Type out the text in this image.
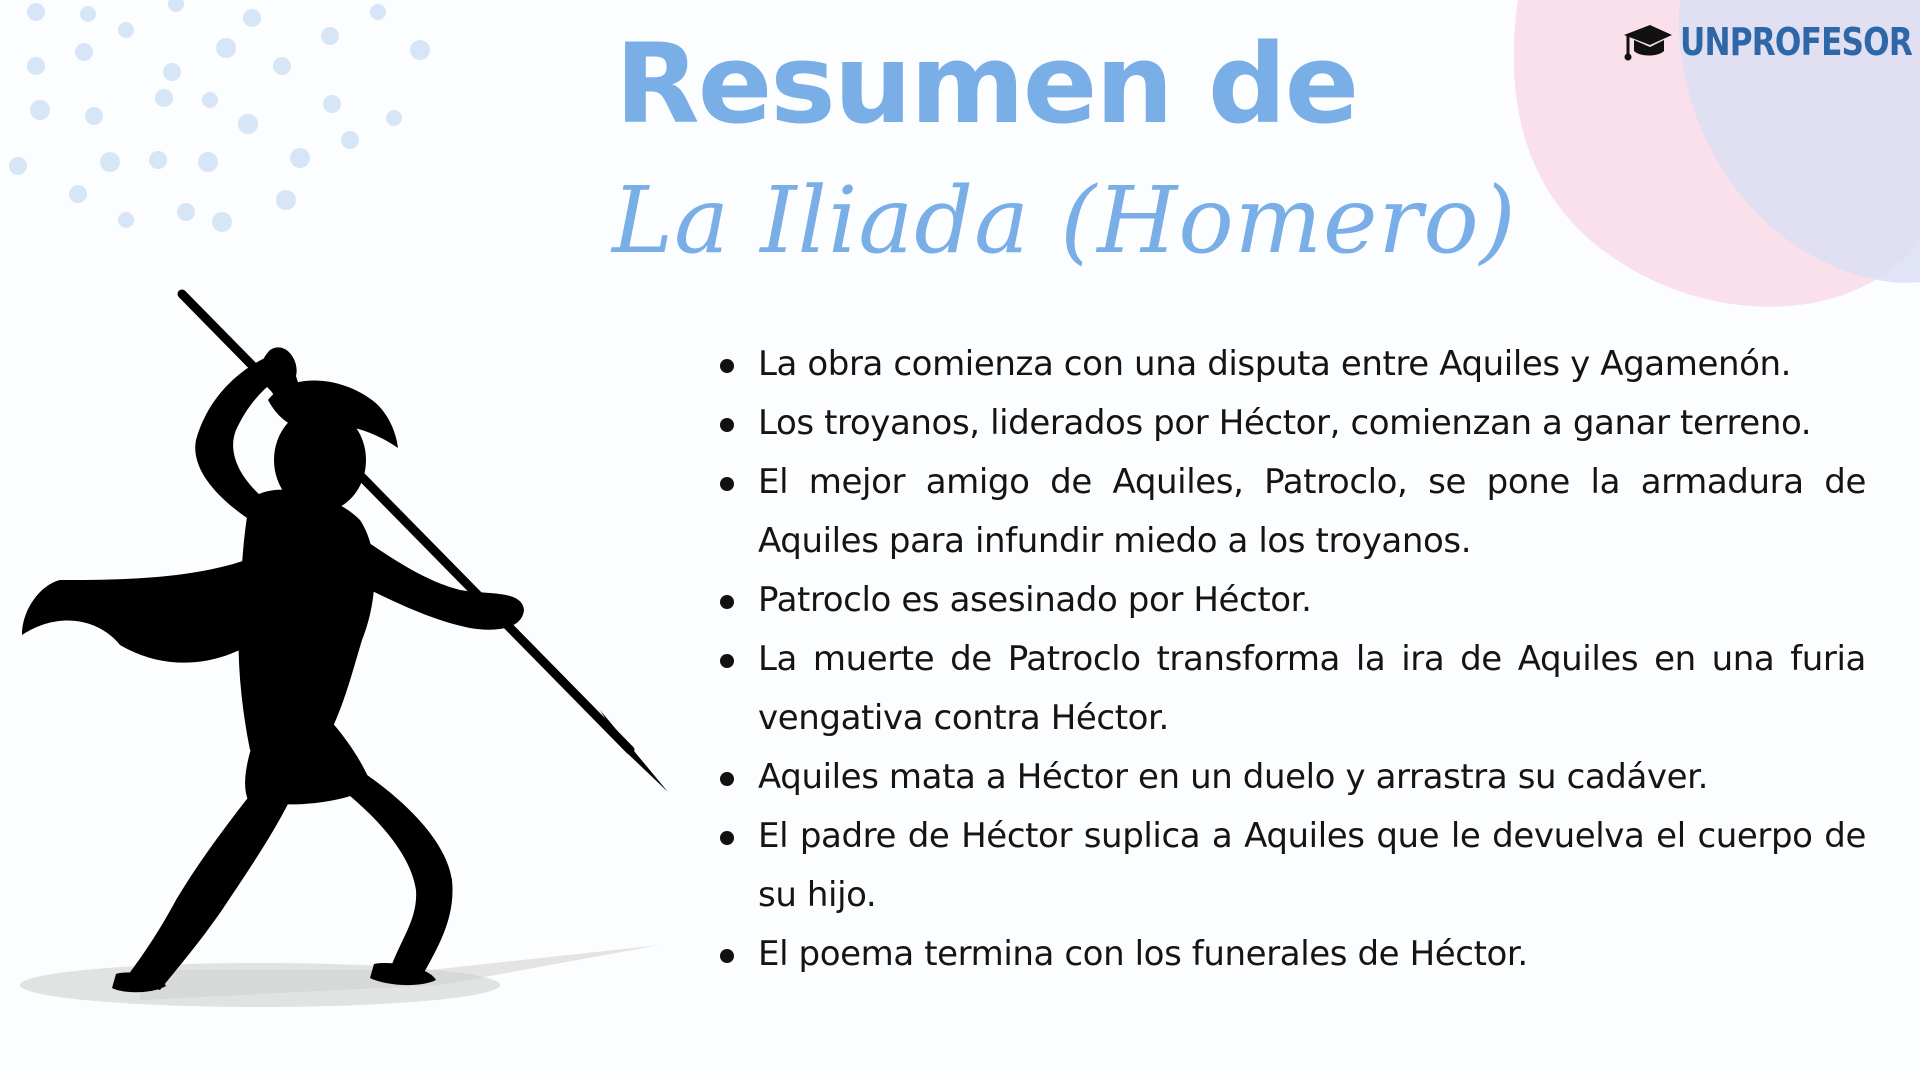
UNPROFESOR
Resumen de
La Iliada (Homero)
La obra comienza con una disputa entre Aquiles y Agamenón.
Los troyanos, liderados por Héctor, comienzan a ganar terreno.
El mejor amigo de Aquiles, Patroclo, se pone la armadura de Aquiles para infundir miedo a los troyanos.
Patroclo es asesinado por Héctor.
La muerte de Patroclo transforma la ira de Aquiles en una furia vengativa contra Héctor.
Aquiles mata a Héctor en un duelo y arrastra su cadáver.
El padre de Héctor suplica a Aquiles que le devuelva el cuerpo de su hijo.
El poema termina con los funerales de Héctor.
